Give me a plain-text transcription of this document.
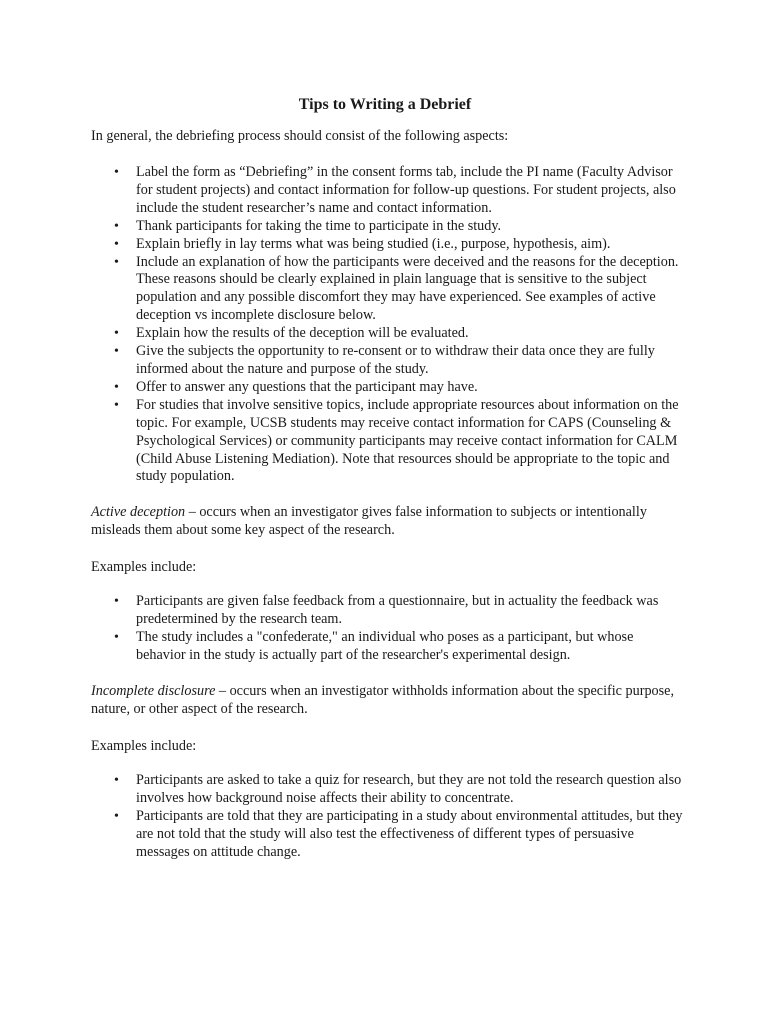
Tips to Writing a Debrief

In general, the debriefing process should consist of the following aspects:

• Label the form as “Debriefing” in the consent forms tab, include the PI name (Faculty Advisor for student projects) and contact information for follow-up questions. For student projects, also include the student researcher’s name and contact information.
• Thank participants for taking the time to participate in the study.
• Explain briefly in lay terms what was being studied (i.e., purpose, hypothesis, aim).
• Include an explanation of how the participants were deceived and the reasons for the deception. These reasons should be clearly explained in plain language that is sensitive to the subject population and any possible discomfort they may have experienced. See examples of active deception vs incomplete disclosure below.
• Explain how the results of the deception will be evaluated.
• Give the subjects the opportunity to re-consent or to withdraw their data once they are fully informed about the nature and purpose of the study.
• Offer to answer any questions that the participant may have.
• For studies that involve sensitive topics, include appropriate resources about information on the topic. For example, UCSB students may receive contact information for CAPS (Counseling & Psychological Services) or community participants may receive contact information for CALM (Child Abuse Listening Mediation). Note that resources should be appropriate to the topic and study population.

Active deception – occurs when an investigator gives false information to subjects or intentionally misleads them about some key aspect of the research.

Examples include:

• Participants are given false feedback from a questionnaire, but in actuality the feedback was predetermined by the research team.
• The study includes a "confederate," an individual who poses as a participant, but whose behavior in the study is actually part of the researcher's experimental design.

Incomplete disclosure – occurs when an investigator withholds information about the specific purpose, nature, or other aspect of the research.

Examples include:

• Participants are asked to take a quiz for research, but they are not told the research question also involves how background noise affects their ability to concentrate.
• Participants are told that they are participating in a study about environmental attitudes, but they are not told that the study will also test the effectiveness of different types of persuasive messages on attitude change.
